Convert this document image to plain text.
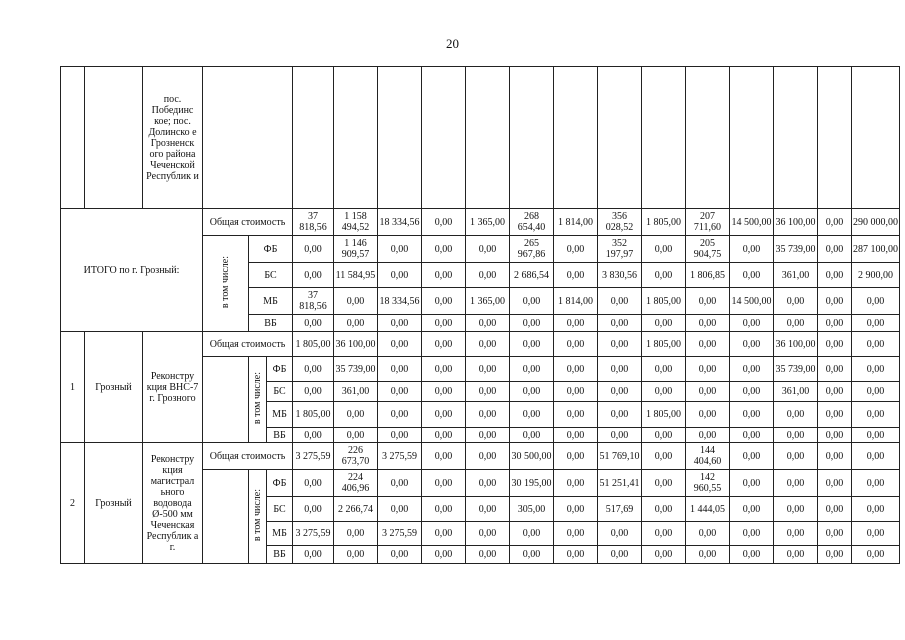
20
		пос. Побединс кое; пос. Долинско е Грозненск ого района Чеченской Республик и																	
ИТОГО по г. Грозный:			Общая стоимость			37 818,56	1 158 494,52	18 334,56	0,00	1 365,00	268 654,40	1 814,00	356 028,52	1 805,00	207 711,60	14 500,00	36 100,00	0,00	290 000,00
			в том числе:	ФБ		0,00	1 146 909,57	0,00	0,00	0,00	265 967,86	0,00	352 197,97	0,00	205 904,75	0,00	35 739,00	0,00	287 100,00
				БС		0,00	11 584,95	0,00	0,00	0,00	2 686,54	0,00	3 830,56	0,00	1 806,85	0,00	361,00	0,00	2 900,00
				МБ		37 818,56	0,00	18 334,56	0,00	1 365,00	0,00	1 814,00	0,00	1 805,00	0,00	14 500,00	0,00	0,00	0,00
				ВБ		0,00	0,00	0,00	0,00	0,00	0,00	0,00	0,00	0,00	0,00	0,00	0,00	0,00	0,00
1	Грозный	Реконстру кция ВНС-7 г. Грозного	Общая стоимость			1 805,00	36 100,00	0,00	0,00	0,00	0,00	0,00	0,00	1 805,00	0,00	0,00	36 100,00	0,00	0,00
				в том числе:	ФБ	0,00	35 739,00	0,00	0,00	0,00	0,00	0,00	0,00	0,00	0,00	0,00	35 739,00	0,00	0,00
					БС	0,00	361,00	0,00	0,00	0,00	0,00	0,00	0,00	0,00	0,00	0,00	361,00	0,00	0,00
					МБ	1 805,00	0,00	0,00	0,00	0,00	0,00	0,00	0,00	1 805,00	0,00	0,00	0,00	0,00	0,00
					ВБ	0,00	0,00	0,00	0,00	0,00	0,00	0,00	0,00	0,00	0,00	0,00	0,00	0,00	0,00
2	Грозный	Реконстру кция магистрал ьного водовода Ø-500 мм Чеченская Республик а г.	Общая стоимость			3 275,59	226 673,70	3 275,59	0,00	0,00	30 500,00	0,00	51 769,10	0,00	144 404,60	0,00	0,00	0,00	0,00
				в том числе:	ФБ	0,00	224 406,96	0,00	0,00	0,00	30 195,00	0,00	51 251,41	0,00	142 960,55	0,00	0,00	0,00	0,00
					БС	0,00	2 266,74	0,00	0,00	0,00	305,00	0,00	517,69	0,00	1 444,05	0,00	0,00	0,00	0,00
					МБ	3 275,59	0,00	3 275,59	0,00	0,00	0,00	0,00	0,00	0,00	0,00	0,00	0,00	0,00	0,00
					ВБ	0,00	0,00	0,00	0,00	0,00	0,00	0,00	0,00	0,00	0,00	0,00	0,00	0,00	0,00
